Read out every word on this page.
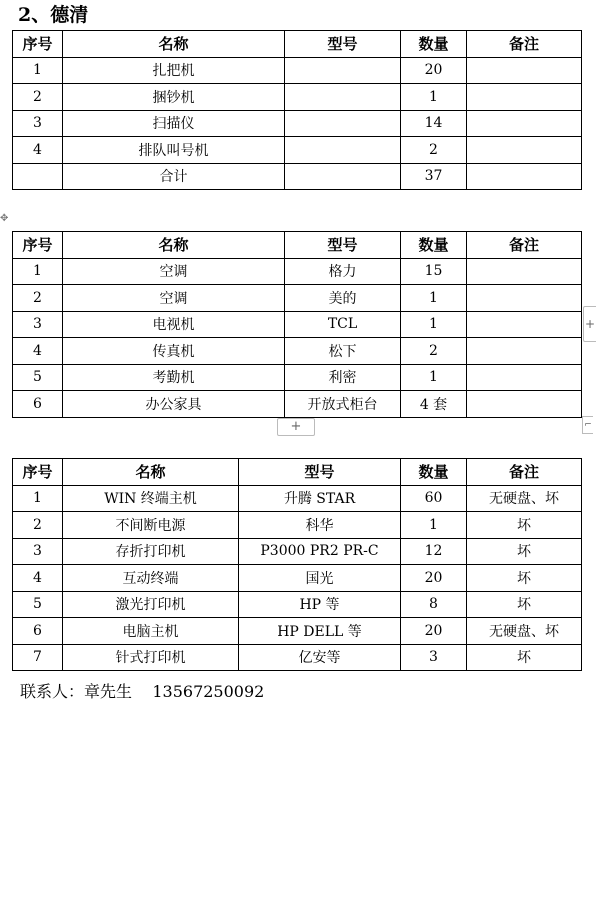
2、德清
✥
序号	名称	型号	数量	备注
1	扎把机		20	
2	捆钞机		1	
3	扫描仪		14	
4	排队叫号机		2	
	合计		37	
序号	名称	型号	数量	备注
1	空调	格力	15	
2	空调	美的	1	
3	电视机	TCL	1	
4	传真机	松下	2	
5	考勤机	利密	1	
6	办公家具	开放式柜台	4 套	
+
+
⌐
序号	名称	型号	数量	备注
1	WIN 终端主机	升腾 STAR	60	无硬盘、坏
2	不间断电源	科华	1	坏
3	存折打印机	P3000 PR2 PR-C	12	坏
4	互动终端	国光	20	坏
5	激光打印机	HP 等	8	坏
6	电脑主机	HP DELL 等	20	无硬盘、坏
7	针式打印机	亿安等	3	坏
联系人：章先生    13567250092
